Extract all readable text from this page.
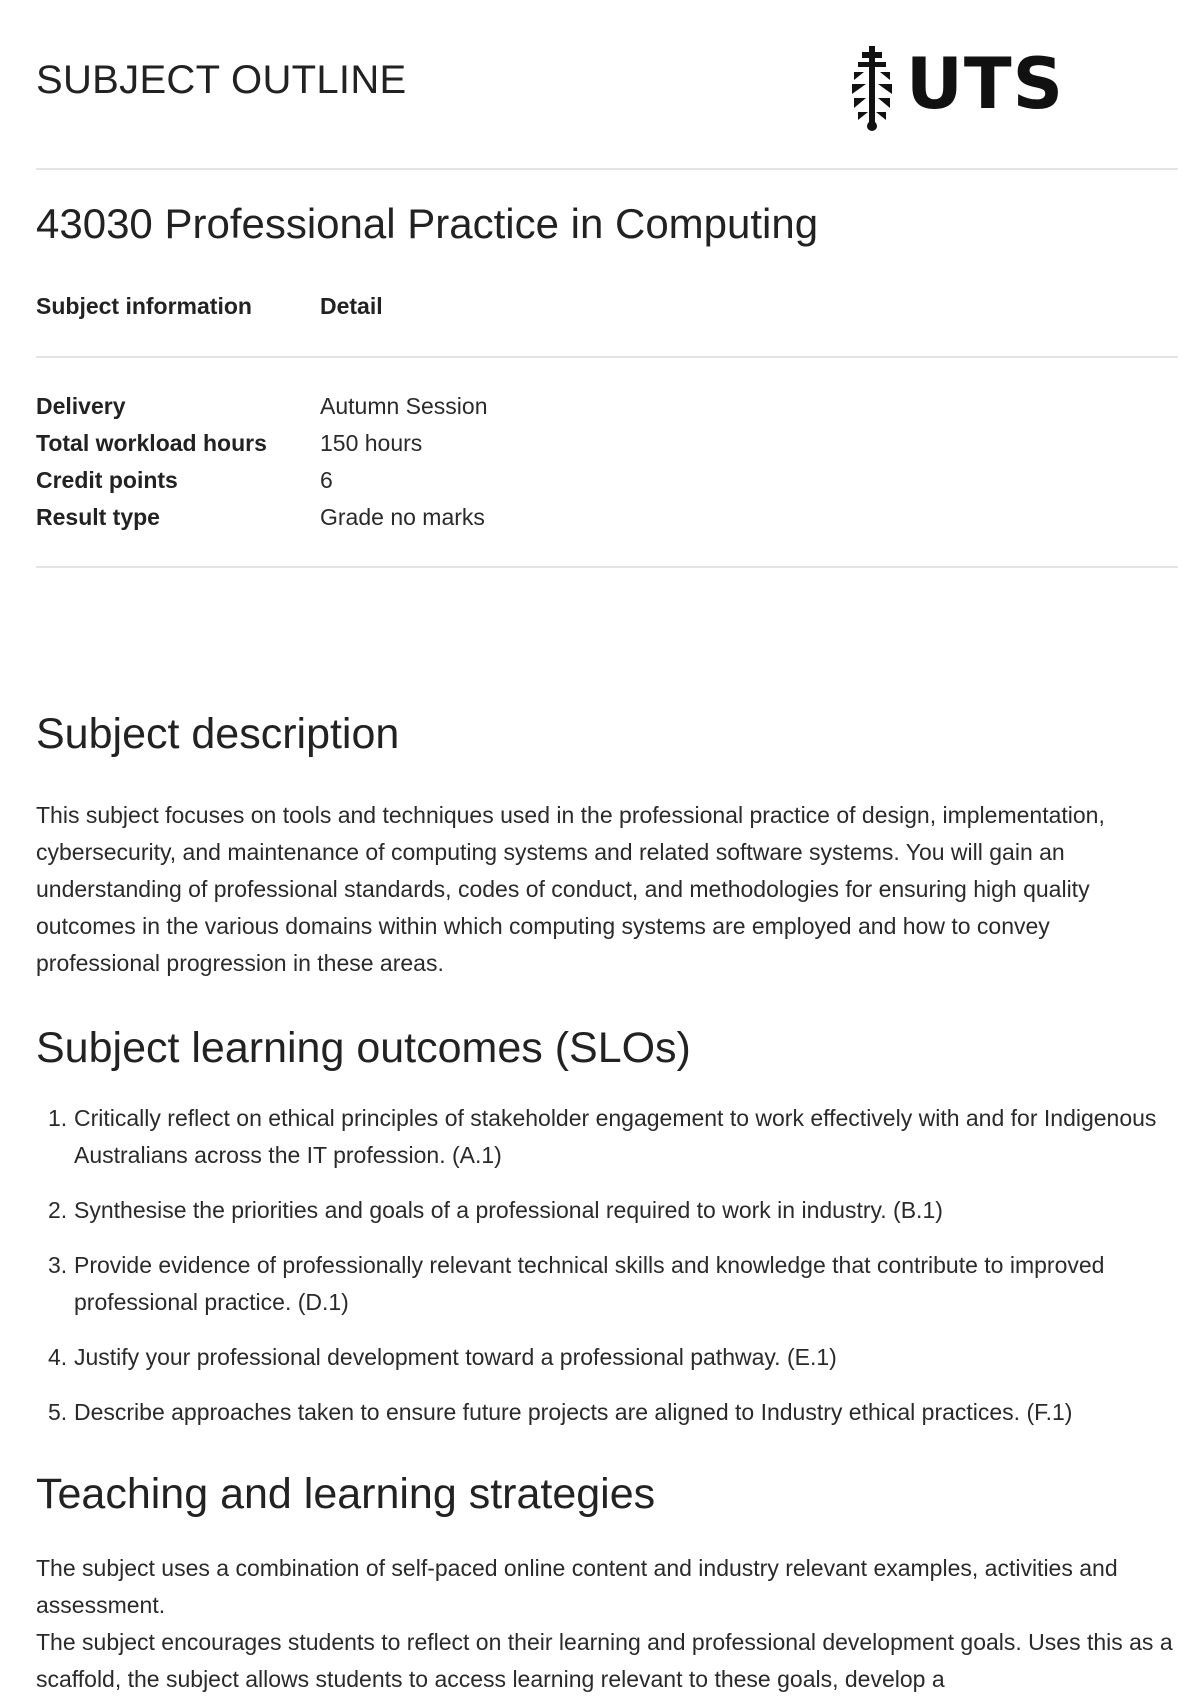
SUBJECT OUTLINE	UTS
43030 Professional Practice in Computing
Subject information	Detail
Delivery	Autumn Session
Total workload hours	150 hours
Credit points	6
Result type	Grade no marks
Subject description

This subject focuses on tools and techniques used in the professional practice of design, implementation, cybersecurity, and maintenance of computing systems and related software systems. You will gain an understanding of professional standards, codes of conduct, and methodologies for ensuring high quality outcomes in the various domains within which computing systems are employed and how to convey professional progression in these areas.

Subject learning outcomes (SLOs)
1. Critically reflect on ethical principles of stakeholder engagement to work effectively with and for Indigenous Australians across the IT profession. (A.1)
2. Synthesise the priorities and goals of a professional required to work in industry. (B.1)
3. Provide evidence of professionally relevant technical skills and knowledge that contribute to improved professional practice. (D.1)
4. Justify your professional development toward a professional pathway. (E.1)
5. Describe approaches taken to ensure future projects are aligned to Industry ethical practices. (F.1)
Teaching and learning strategies

The subject uses a combination of self-paced online content and industry relevant examples, activities and assessment.

The subject encourages students to reflect on their learning and professional development goals. Uses this as a scaffold, the subject allows students to access learning relevant to these goals, develop a
